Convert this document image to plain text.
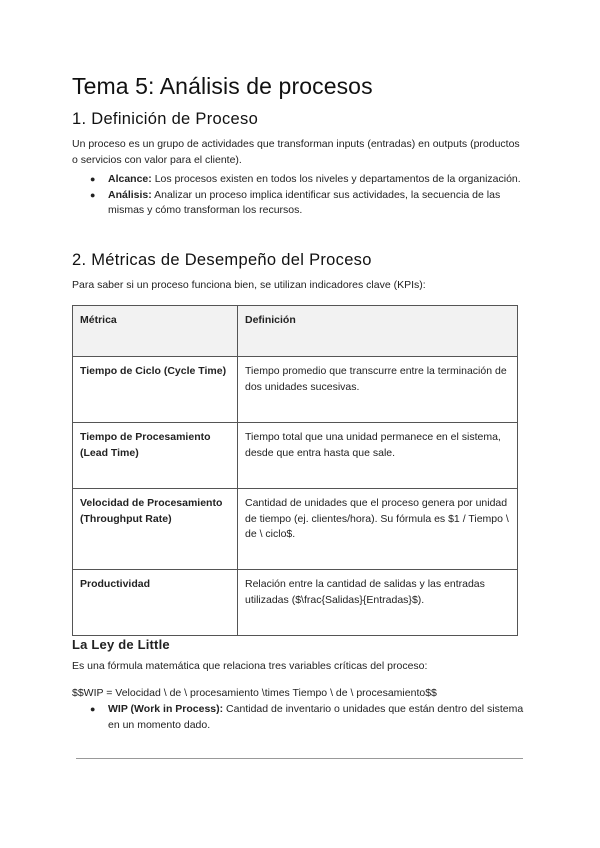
Tema 5: Análisis de procesos
1. Definición de Proceso

Un proceso es un grupo de actividades que transforman inputs (entradas) en outputs (productos o servicios con valor para el cliente).

● Alcance: Los procesos existen en todos los niveles y departamentos de la organización.
● Análisis: Analizar un proceso implica identificar sus actividades, la secuencia de las mismas y cómo transforman los recursos.
2. Métricas de Desempeño del Proceso

Para saber si un proceso funciona bien, se utilizan indicadores clave (KPIs):

Métrica	Definición
Tiempo de Ciclo (Cycle Time)	Tiempo promedio que transcurre entre la terminación de dos unidades sucesivas.
Tiempo de Procesamiento (Lead Time)	Tiempo total que una unidad permanece en el sistema, desde que entra hasta que sale.
Velocidad de Procesamiento (Throughput Rate)	Cantidad de unidades que el proceso genera por unidad de tiempo (ej. clientes/hora). Su fórmula es $1 / Tiempo \ de \ ciclo$.
Productividad	Relación entre la cantidad de salidas y las entradas utilizadas ($\frac{Salidas}{Entradas}$).
La Ley de Little

Es una fórmula matemática que relaciona tres variables críticas del proceso:

$$WIP = Velocidad \ de \ procesamiento \times Tiempo \ de \ procesamiento$$

● WIP (Work in Process): Cantidad de inventario o unidades que están dentro del sistema en un momento dado.
